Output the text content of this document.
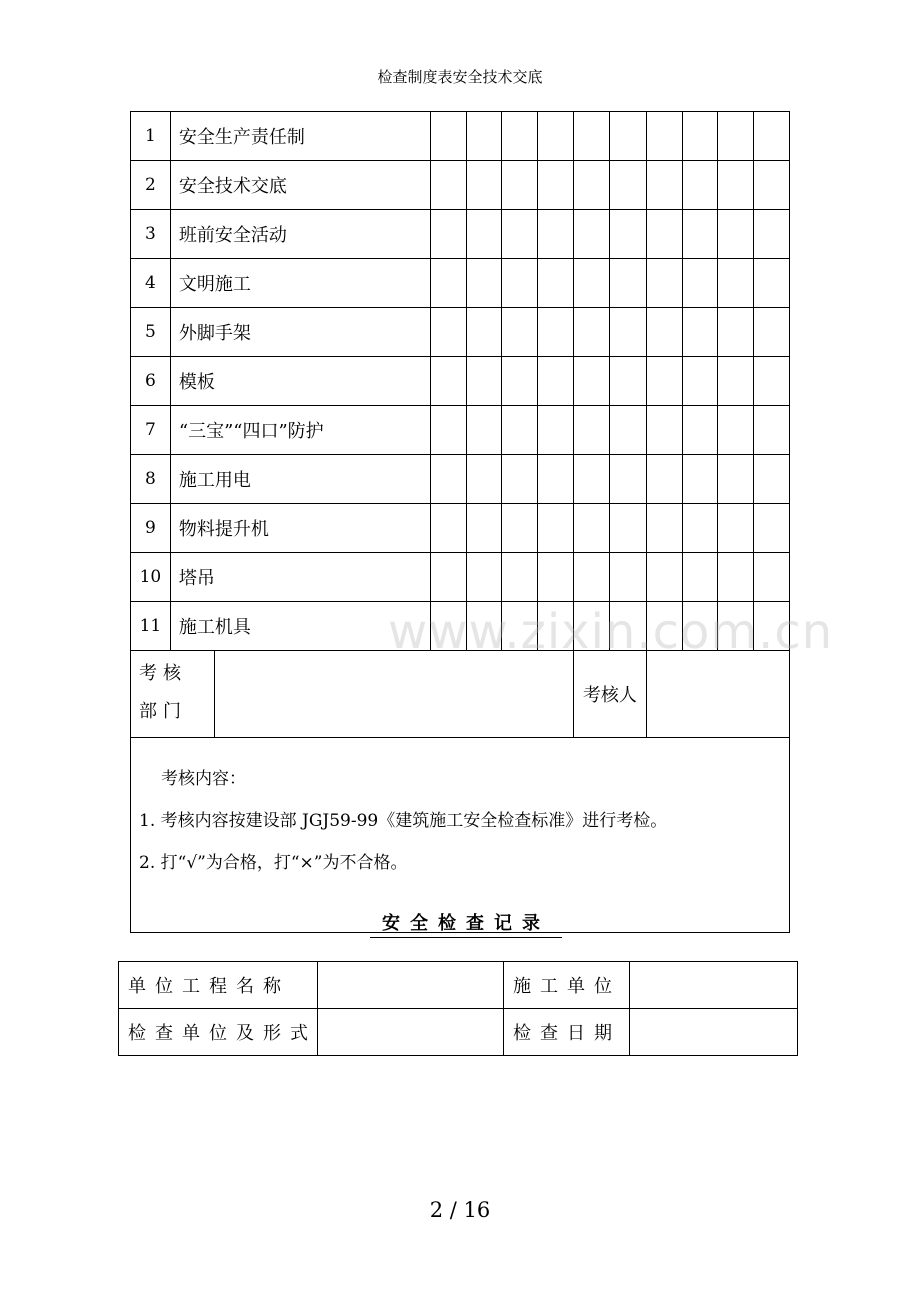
检查制度表安全技术交底
1	安全生产责任制											
2	安全技术交底											
3	班前安全活动											
4	文明施工											
5	外脚手架											
6	模板											
7	“三宝”“四口”防护											
8	施工用电											
9	物料提升机											
10	塔吊											
11	施工机具											
考核部门							考核人					

考核内容：
1. 考核内容按建设部 JGJ59-99《建筑施工安全检查标准》进行考检。
2. 打“√”为合格，打“×”为不合格。												
www.zixin.com.cn
安全检查记录
单位工程名称		施工单位	
检查单位及形式		检查日期	
2 / 16
